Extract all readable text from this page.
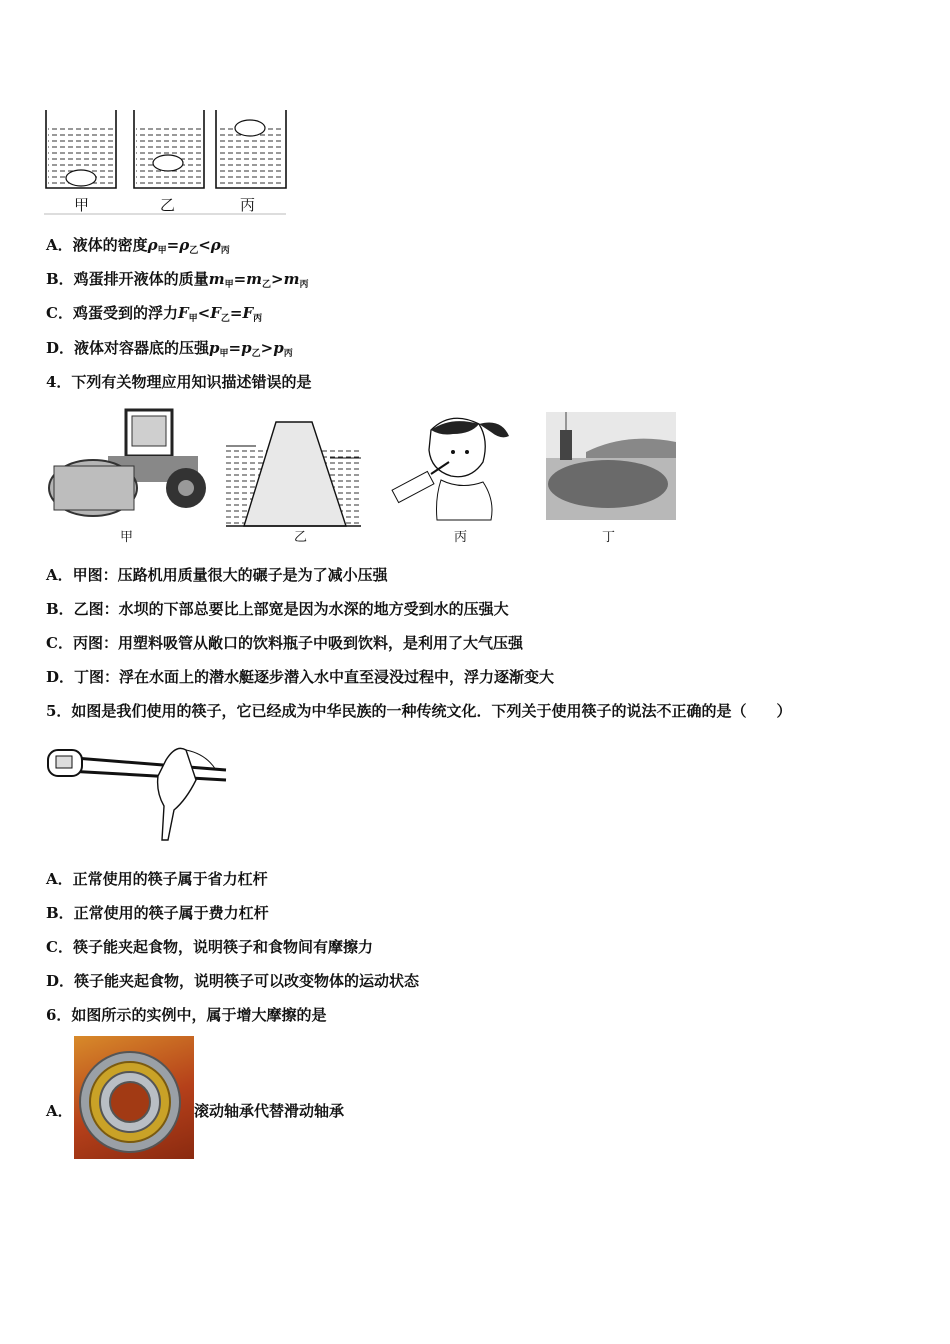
甲	乙	丙
A．液体的密度$\rho_甲=\rho_乙<\rho_丙$
B．鸡蛋排开液体的质量$m_甲=m_乙>m_丙$
C．鸡蛋受到的浮力$F_甲<F_乙=F_丙$
D．液体对容器底的压强$p_甲=p_乙>p_丙$
4．下列有关物理应用知识描述错误的是
甲	乙	丙	丁
A．甲图：压路机用质量很大的碾子是为了减小压强
B．乙图：水坝的下部总要比上部宽是因为水深的地方受到水的压强大
C．丙图：用塑料吸管从敞口的饮料瓶子中吸到饮料，是利用了大气压强
D．丁图：浮在水面上的潜水艇逐步潜入水中直至浸没过程中，浮力逐渐变大
5．如图是我们使用的筷子，它已经成为中华民族的一种传统文化．下列关于使用筷子的说法不正确的是（　　）
A．正常使用的筷子属于省力杠杆
B．正常使用的筷子属于费力杠杆
C．筷子能夹起食物，说明筷子和食物间有摩擦力
D．筷子能夹起食物，说明筷子可以改变物体的运动状态
6．如图所示的实例中，属于增大摩擦的是
A．	滚动轴承代替滑动轴承
